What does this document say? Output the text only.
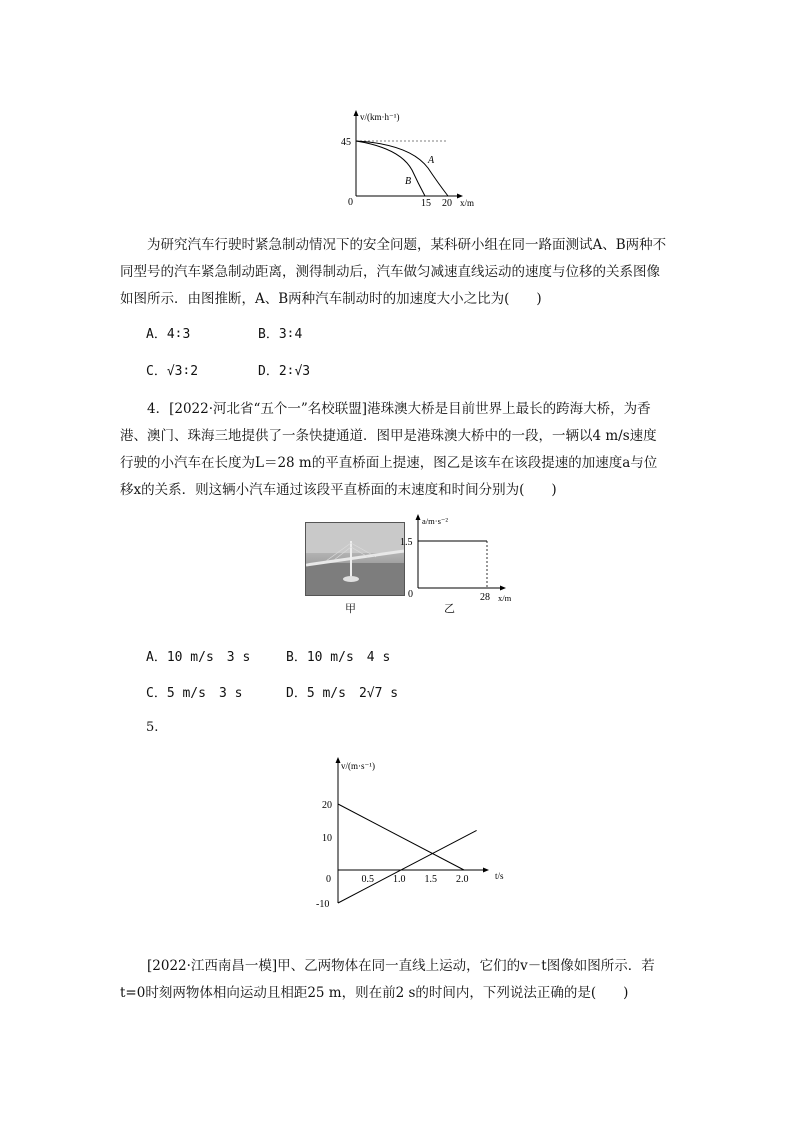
v/(km·h⁻¹)
45
0	15 20 x/m
A
B
为研究汽车行驶时紧急制动情况下的安全问题，某科研小组在同一路面测试A、B两种不同型号的汽车紧急制动距离，测得制动后，汽车做匀减速直线运动的速度与位移的关系图像如图所示．由图推断，A、B两种汽车制动时的加速度大小之比为(　　)
A．4∶3	B．3∶4
C．√3∶2	D．2∶√3
4．[2022·河北省“五个一”名校联盟]港珠澳大桥是目前世界上最长的跨海大桥，为香港、澳门、珠海三地提供了一条快捷通道．图甲是港珠澳大桥中的一段，一辆以4 m/s速度行驶的小汽车在长度为L＝28 m的平直桥面上提速，图乙是该车在该段提速的加速度a与位移x的关系．则这辆小汽车通过该段平直桥面的末速度和时间分别为(　　)
甲
a/m·s⁻²
1.5
0	28 x/m
乙
A．10 m/s　3 s	B．10 m/s　4 s
C．5 m/s　3 s	D．5 m/s　2√7 s
5.
v/(m·s⁻¹)
t/s
0.5 1.0 1.5 2.0
20
10
0
-10
[2022·江西南昌一模]甲、乙两物体在同一直线上运动，它们的v－t图像如图所示．若t=0时刻两物体相向运动且相距25 m，则在前2 s的时间内，下列说法正确的是(　　)
